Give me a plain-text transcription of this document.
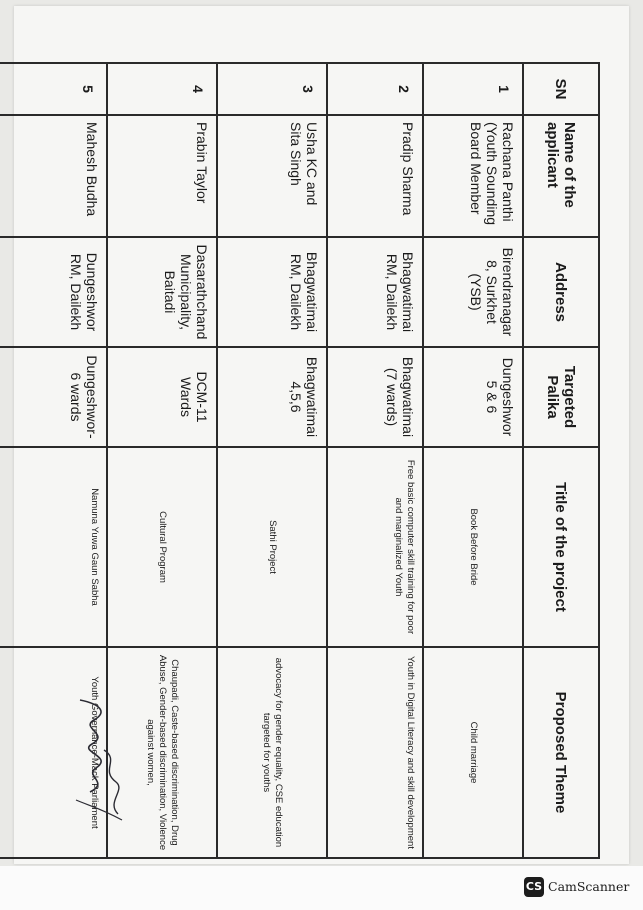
SN	Name of the applicant	Address	Targeted Palika	Title of the project	Proposed Theme
1	Rachana Panthi (Youth Sounding Board Member	Birendranagar 8, Surkhet (YSB)	Dungeshwor 5 & 6	Book Before Bride	Child marriage
2	Pradip Sharma	Bhagwatimai RM, Dailekh	Bhagwatimai (7 wards)	Free basic computer skill training for poor and marginalized Youth	Youth in Digital Literacy and skill development
3	Usha KC and Sita Singh	Bhagwatimai RM, Dailekh	Bhagwatimai 4,5,6	Sathi Project	advocacy for gender equality, CSE education targeted for youths
4	Prabin Taylor	Dasarathchand Municipality, Baitadi	DCM-11 Wards	Cultural Program	Chaupadi, Caste-based discrimination, Drug Abuse, Gender-based discrimination, Violence against women,
5	Mahesh Budha	Dungeshwor RM, Dailekh	Dungeshwor-6 wards	Namuna Yuwa Gaun Sabha	Youth Governance-Mack Parliament
CS CamScanner
